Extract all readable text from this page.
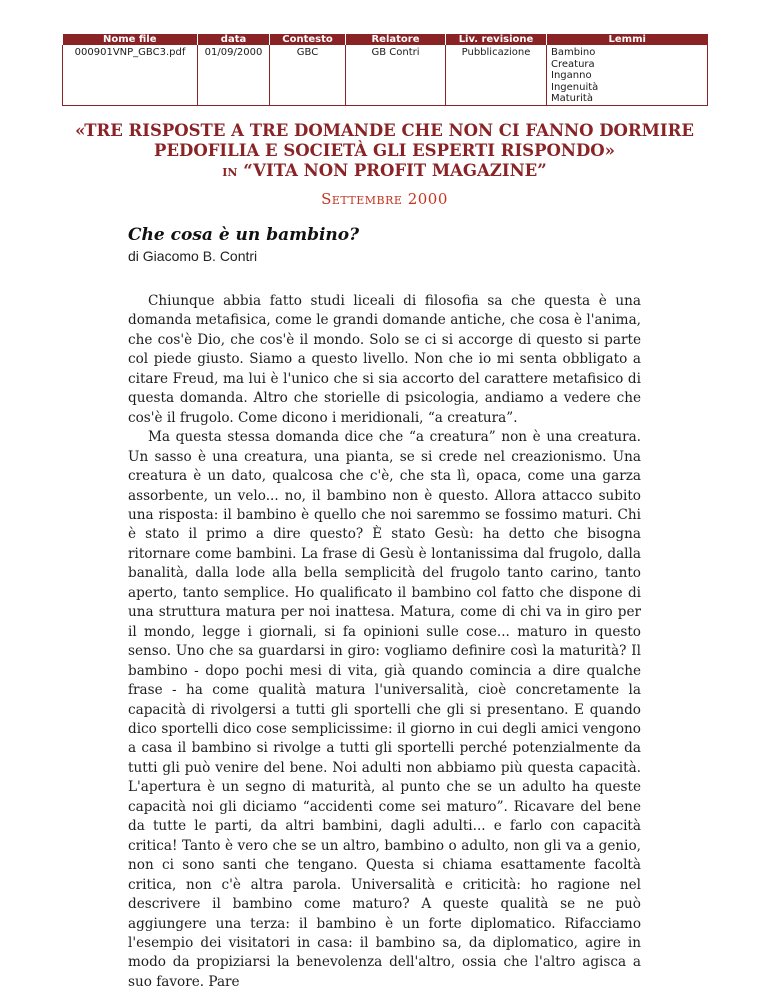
Nome file	data	Contesto	Relatore	Liv. revisione	Lemmi
000901VNP_GBC3.pdf	01/09/2000	GBC	GB Contri	Pubblicazione	Bambino
Creatura
Inganno
Ingenuità
Maturità
«TRE RISPOSTE A TRE DOMANDE CHE NON CI FANNO DORMIRE
PEDOFILIA E SOCIETÀ GLI ESPERTI RISPONDO»
IN “VITA NON PROFIT MAGAZINE”
Settembre 2000
Che cosa è un bambino?
di Giacomo B. Contri

Chiunque abbia fatto studi liceali di filosofia sa che questa è una domanda metafisica, come le grandi domande antiche, che cosa è l'anima, che cos'è Dio, che cos'è il mondo. Solo se ci si accorge di questo si parte col piede giusto. Siamo a questo livello. Non che io mi senta obbligato a citare Freud, ma lui è l'unico che si sia accorto del carattere metafisico di questa domanda. Altro che storielle di psicologia, andiamo a vedere che cos'è il frugolo. Come dicono i meridionali, “a creatura”.

Ma questa stessa domanda dice che “a creatura” non è una creatura. Un sasso è una creatura, una pianta, se si crede nel creazionismo. Una creatura è un dato, qualcosa che c'è, che sta lì, opaca, come una garza assorbente, un velo... no, il bambino non è questo. Allora attacco subito una risposta: il bambino è quello che noi saremmo se fossimo maturi. Chi è stato il primo a dire questo? È stato Gesù: ha detto che bisogna ritornare come bambini. La frase di Gesù è lontanissima dal frugolo, dalla banalità, dalla lode alla bella semplicità del frugolo tanto carino, tanto aperto, tanto semplice. Ho qualificato il bambino col fatto che dispone di una struttura matura per noi inattesa. Matura, come di chi va in giro per il mondo, legge i giornali, si fa opinioni sulle cose... maturo in questo senso. Uno che sa guardarsi in giro: vogliamo definire così la maturità? Il bambino - dopo pochi mesi di vita, già quando comincia a dire qualche frase - ha come qualità matura l'universalità, cioè concretamente la capacità di rivolgersi a tutti gli sportelli che gli si presentano. E quando dico sportelli dico cose semplicissime: il giorno in cui degli amici vengono a casa il bambino si rivolge a tutti gli sportelli perché potenzialmente da tutti gli può venire del bene. Noi adulti non abbiamo più questa capacità. L'apertura è un segno di maturità, al punto che se un adulto ha queste capacità noi gli diciamo “accidenti come sei maturo”. Ricavare del bene da tutte le parti, da altri bambini, dagli adulti... e farlo con capacità critica! Tanto è vero che se un altro, bambino o adulto, non gli va a genio, non ci sono santi che tengano. Questa si chiama esattamente facoltà critica, non c'è altra parola. Universalità e criticità: ho ragione nel descrivere il bambino come maturo? A queste qualità se ne può aggiungere una terza: il bambino è un forte diplomatico. Rifacciamo l'esempio dei visitatori in casa: il bambino sa, da diplomatico, agire in modo da propiziarsi la benevolenza dell'altro, ossia che l'altro agisca a suo favore. Pare
